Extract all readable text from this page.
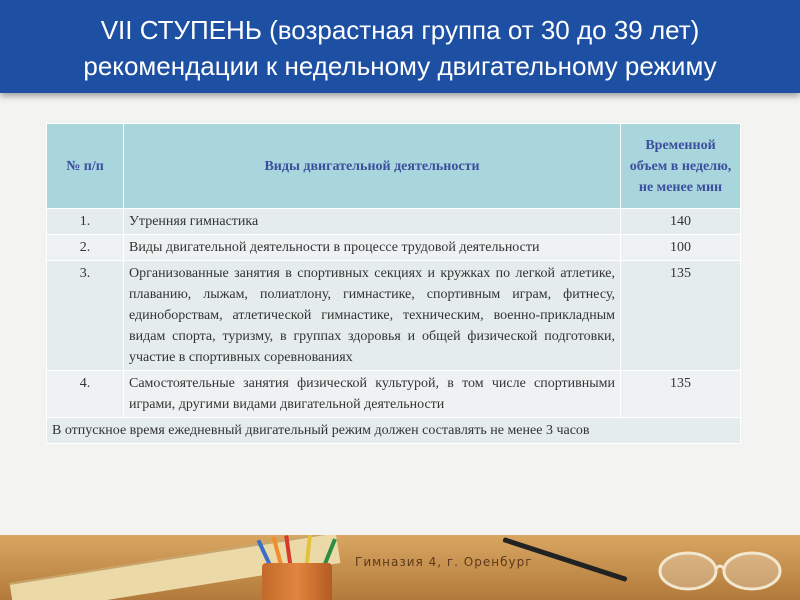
VII СТУПЕНЬ (возрастная группа от 30 до 39 лет)
рекомендации к недельному двигательному режиму
№ п/п	Виды двигательной деятельности	Временной объем в неделю, не менее мин
1.	Утренняя гимнастика	140
2.	Виды двигательной деятельности в процессе трудовой деятельности	100
3.	Организованные занятия в спортивных секциях и кружках по легкой атлетике, плаванию, лыжам, полиатлону, гимнастике, спортивным играм, фитнесу, единоборствам, атлетической гимнастике, техническим, военно-прикладным видам спорта, туризму, в группах здоровья и общей физической подготовки, участие в спортивных соревнованиях	135
4.	Самостоятельные занятия физической культурой, в том числе спортивными играми, другими видами двигательной деятельности	135
В отпускное время ежедневный двигательный режим должен составлять не менее 3 часов		
Гимназия 4, г. Оренбург
